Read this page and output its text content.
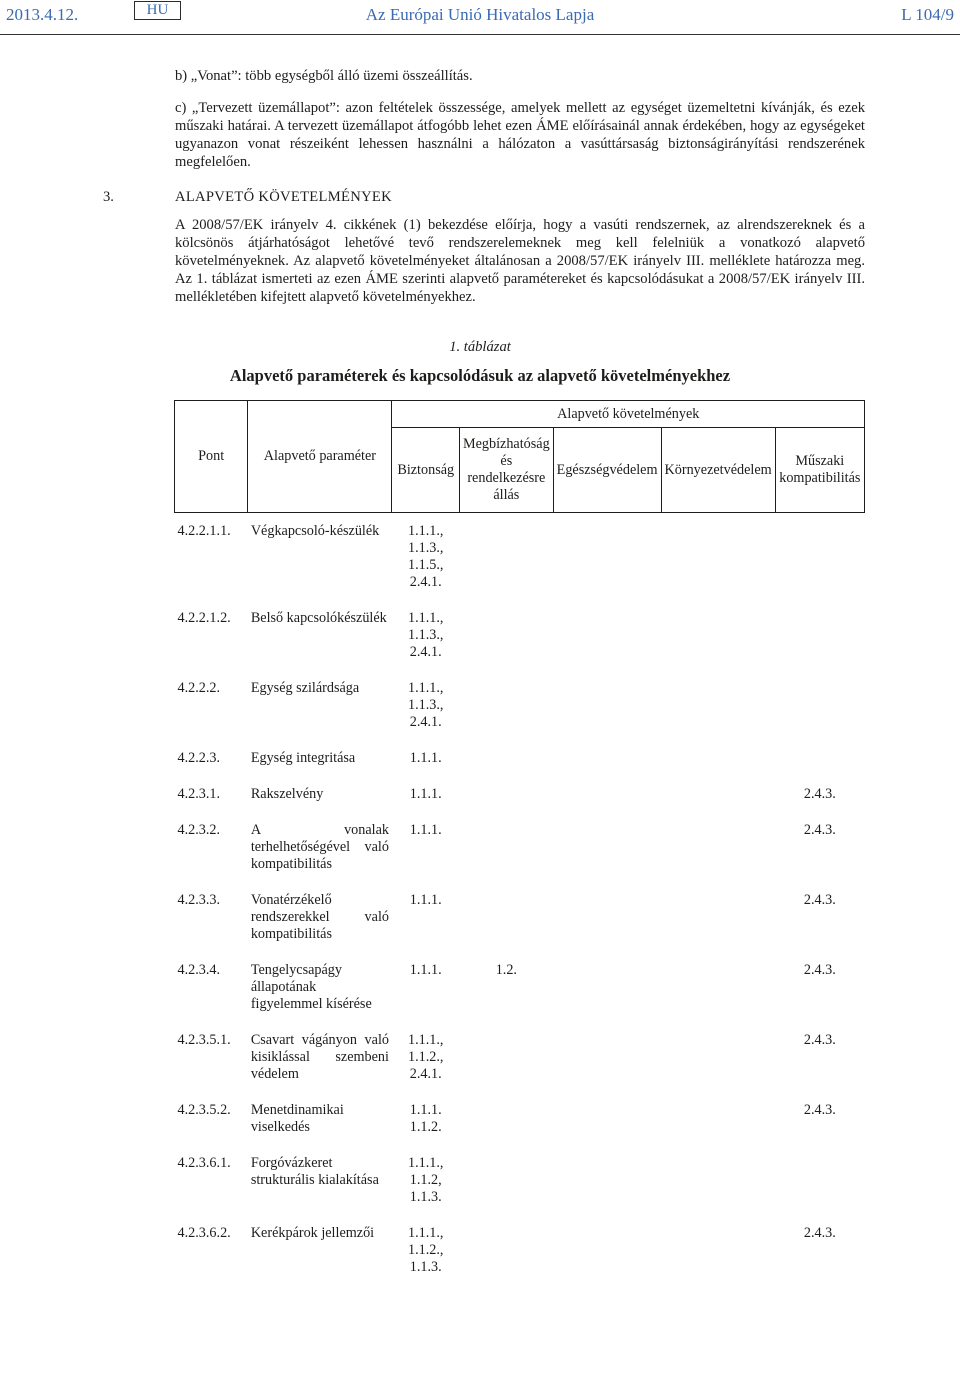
2013.4.12.	HU	Az Európai Unió Hivatalos Lapja	L 104/9

b) „Vonat”: több egységből álló üzemi összeállítás.

c) „Tervezett üzemállapot”: azon feltételek összessége, amelyek mellett az egységet üzemeltetni kívánják, és ezek műszaki határai. A tervezett üzemállapot átfogóbb lehet ezen ÁME előírásainál annak érdekében, hogy az egységeket ugyanazon vonat részeiként lehessen használni a hálózaton a vasúttársaság biztonságirányítási rendszerének megfelelően.

3.	ALAPVETŐ KÖVETELMÉNYEK

A 2008/57/EK irányelv 4. cikkének (1) bekezdése előírja, hogy a vasúti rendszernek, az alrendszereknek és a kölcsönös átjárhatóságot lehetővé tevő rendszerelemeknek meg kell felelniük a vonatkozó alapvető követelményeknek. Az alapvető követelményeket általánosan a 2008/57/EK irányelv III. melléklete határozza meg. Az 1. táblázat ismerteti az ezen ÁME szerinti alapvető paramétereket és kapcsolódásukat a 2008/57/EK irányelv III. mellékletében kifejtett alapvető követelményekhez.

1. táblázat
Alapvető paraméterek és kapcsolódásuk az alapvető követelményekhez
Pont	Alapvető paraméter	Alapvető követelmények				
		Biztonság	Megbízhatóság és rendelkezésre állás	Egészségvédelem	Környezetvédelem	Műszaki kompatibilitás
4.2.2.1.1.	Végkapcsoló-készülék	1.1.1.,
1.1.3.,
1.1.5.,
2.4.1.				
4.2.2.1.2.	Belső kapcsolókészülék	1.1.1.,
1.1.3.,
2.4.1.				
4.2.2.2.	Egység szilárdsága	1.1.1.,
1.1.3.,
2.4.1.				
4.2.2.3.	Egység integritása	1.1.1.				
4.2.3.1.	Rakszelvény	1.1.1.				2.4.3.
4.2.3.2.	A vonalak terhelhetőségével való kompatibilitás	1.1.1.				2.4.3.
4.2.3.3.	Vonatérzékelő rendszerekkel való kompatibilitás	1.1.1.				2.4.3.
4.2.3.4.	Tengelycsapágy állapotának figyelemmel kísérése	1.1.1.	1.2.			2.4.3.
4.2.3.5.1.	Csavart vágányon való kisiklással szembeni védelem	1.1.1.,
1.1.2.,
2.4.1.				2.4.3.
4.2.3.5.2.	Menetdinamikai viselkedés	1.1.1.
1.1.2.				2.4.3.
4.2.3.6.1.	Forgóvázkeret strukturális kialakítása	1.1.1.,
1.1.2,
1.1.3.				
4.2.3.6.2.	Kerékpárok jellemzői	1.1.1.,
1.1.2.,
1.1.3.				2.4.3.
